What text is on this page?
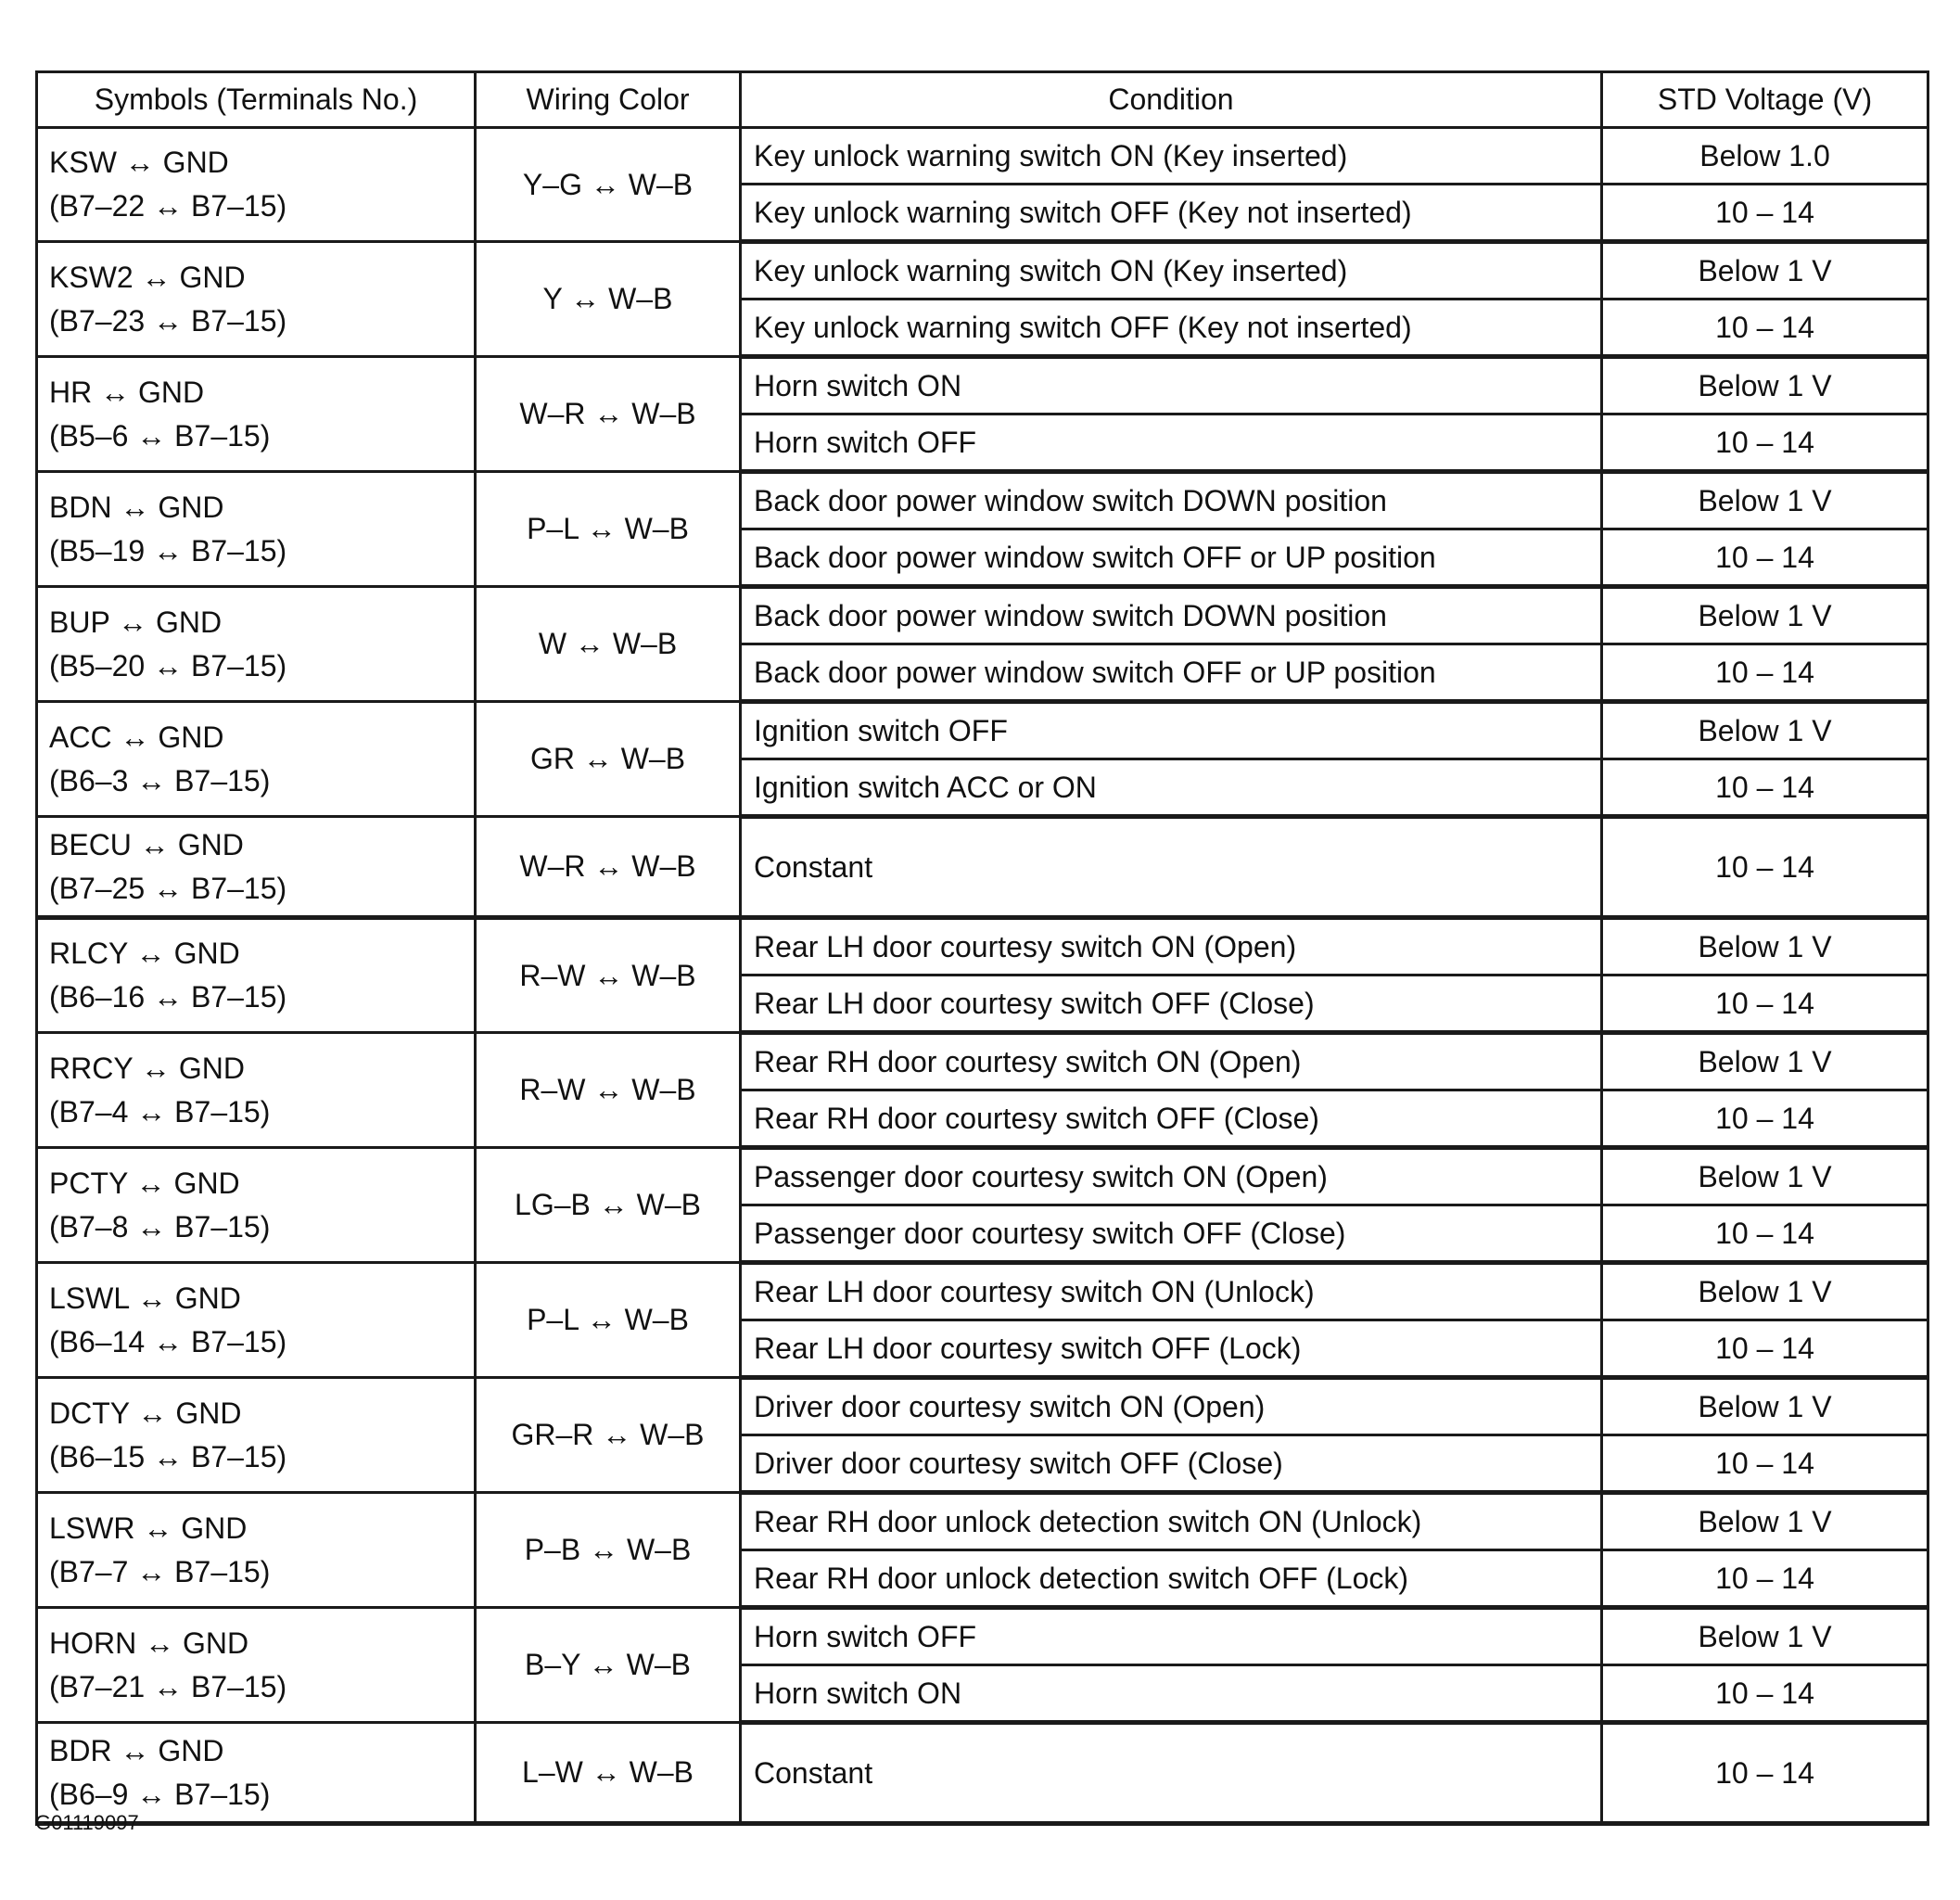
Symbols (Terminals No.)	Wiring Color	Condition	STD Voltage (V)

KSW ↔ GND
(B7–22 ↔ B7–15)	Y–G ↔ W–B	Key unlock warning switch ON (Key inserted)	Below 1.0
		Key unlock warning switch OFF (Key not inserted)	10 – 14

KSW2 ↔ GND
(B7–23 ↔ B7–15)	Y ↔ W–B	Key unlock warning switch ON (Key inserted)	Below 1 V
		Key unlock warning switch OFF (Key not inserted)	10 – 14

HR ↔ GND
(B5–6 ↔ B7–15)	W–R ↔ W–B	Horn switch ON	Below 1 V
		Horn switch OFF	10 – 14

BDN ↔ GND
(B5–19 ↔ B7–15)	P–L ↔ W–B	Back door power window switch DOWN position	Below 1 V
		Back door power window switch OFF or UP position	10 – 14

BUP ↔ GND
(B5–20 ↔ B7–15)	W ↔ W–B	Back door power window switch DOWN position	Below 1 V
		Back door power window switch OFF or UP position	10 – 14

ACC ↔ GND
(B6–3 ↔ B7–15)	GR ↔ W–B	Ignition switch OFF	Below 1 V
		Ignition switch ACC or ON	10 – 14

BECU ↔ GND
(B7–25 ↔ B7–15)	W–R ↔ W–B	Constant	10 – 14

RLCY ↔ GND
(B6–16 ↔ B7–15)	R–W ↔ W–B	Rear LH door courtesy switch ON (Open)	Below 1 V
		Rear LH door courtesy switch OFF (Close)	10 – 14

RRCY ↔ GND
(B7–4 ↔ B7–15)	R–W ↔ W–B	Rear RH door courtesy switch ON (Open)	Below 1 V
		Rear RH door courtesy switch OFF (Close)	10 – 14

PCTY ↔ GND
(B7–8 ↔ B7–15)	LG–B ↔ W–B	Passenger door courtesy switch ON (Open)	Below 1 V
		Passenger door courtesy switch OFF (Close)	10 – 14

LSWL ↔ GND
(B6–14 ↔ B7–15)	P–L ↔ W–B	Rear LH door courtesy switch ON (Unlock)	Below 1 V
		Rear LH door courtesy switch OFF (Lock)	10 – 14

DCTY ↔ GND
(B6–15 ↔ B7–15)	GR–R ↔ W–B	Driver door courtesy switch ON (Open)	Below 1 V
		Driver door courtesy switch OFF (Close)	10 – 14

LSWR ↔ GND
(B7–7 ↔ B7–15)	P–B ↔ W–B	Rear RH door unlock detection switch ON (Unlock)	Below 1 V
		Rear RH door unlock detection switch OFF (Lock)	10 – 14

HORN ↔ GND
(B7–21 ↔ B7–15)	B–Y ↔ W–B	Horn switch OFF	Below 1 V
		Horn switch ON	10 – 14

BDR ↔ GND
(B6–9 ↔ B7–15)	L–W ↔ W–B	Constant	10 – 14
G01119097
